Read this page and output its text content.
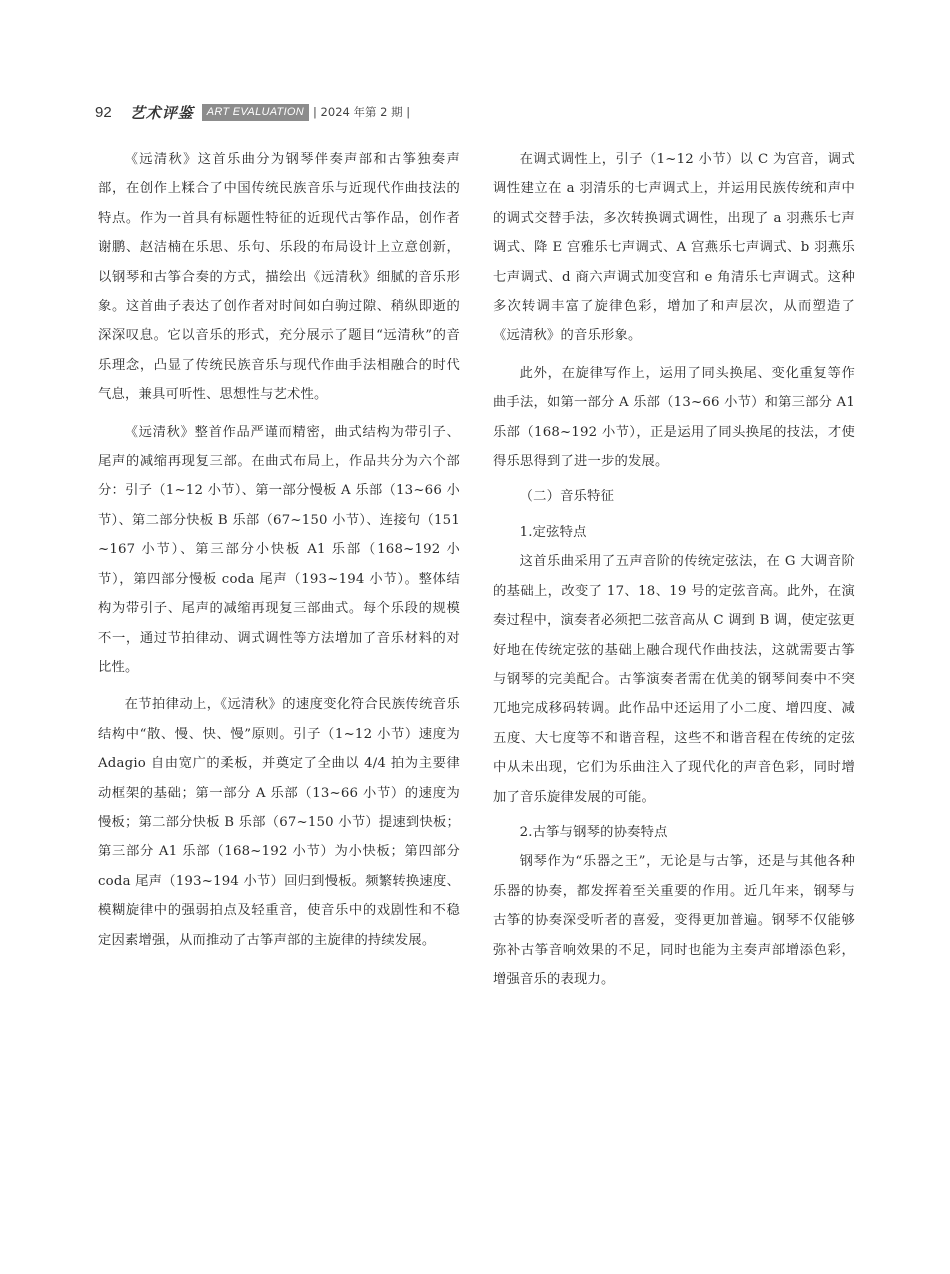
92 艺术评鉴	ART EVALUATION | 2024 年第 2 期 |

《远清秋》这首乐曲分为钢琴伴奏声部和古筝独奏声部，在创作上糅合了中国传统民族音乐与近现代作曲技法的特点。作为一首具有标题性特征的近现代古筝作品，创作者谢鹏、赵洁楠在乐思、乐句、乐段的布局设计上立意创新，以钢琴和古筝合奏的方式，描绘出《远清秋》细腻的音乐形象。这首曲子表达了创作者对时间如白驹过隙、稍纵即逝的深深叹息。它以音乐的形式，充分展示了题目“远清秋”的音乐理念，凸显了传统民族音乐与现代作曲手法相融合的时代气息，兼具可听性、思想性与艺术性。

《远清秋》整首作品严谨而精密，曲式结构为带引子、尾声的减缩再现复三部。在曲式布局上，作品共分为六个部分：引子（1~12 小节）、第一部分慢板 A 乐部（13~66 小节）、第二部分快板 B 乐部（67~150 小节）、连接句（151~167 小节）、第三部分小快板 A1 乐部（168~192 小节），第四部分慢板 coda 尾声（193~194 小节）。整体结构为带引子、尾声的减缩再现复三部曲式。每个乐段的规模不一，通过节拍律动、调式调性等方法增加了音乐材料的对比性。

在节拍律动上，《远清秋》的速度变化符合民族传统音乐结构中“散、慢、快、慢”原则。引子（1~12 小节）速度为 Adagio 自由宽广的柔板，并奠定了全曲以 4/4 拍为主要律动框架的基础；第一部分 A 乐部（13~66 小节）的速度为慢板；第二部分快板 B 乐部（67~150 小节）提速到快板；第三部分 A1 乐部（168~192 小节）为小快板；第四部分 coda 尾声（193~194 小节）回归到慢板。频繁转换速度、模糊旋律中的强弱拍点及轻重音，使音乐中的戏剧性和不稳定因素增强，从而推动了古筝声部的主旋律的持续发展。

在调式调性上，引子（1~12 小节）以 C 为宫音，调式调性建立在 a 羽清乐的七声调式上，并运用民族传统和声中的调式交替手法，多次转换调式调性，出现了 a 羽燕乐七声调式、降 E 宫雅乐七声调式、A 宫燕乐七声调式、b 羽燕乐七声调式、d 商六声调式加变宫和 e 角清乐七声调式。这种多次转调丰富了旋律色彩，增加了和声层次，从而塑造了《远清秋》的音乐形象。

此外，在旋律写作上，运用了同头换尾、变化重复等作曲手法，如第一部分 A 乐部（13~66 小节）和第三部分 A1 乐部（168~192 小节），正是运用了同头换尾的技法，才使得乐思得到了进一步的发展。

（二）音乐特征

1.定弦特点

这首乐曲采用了五声音阶的传统定弦法，在 G 大调音阶的基础上，改变了 17、18、19 号的定弦音高。此外，在演奏过程中，演奏者必须把二弦音高从 C 调到 B 调，使定弦更好地在传统定弦的基础上融合现代作曲技法，这就需要古筝与钢琴的完美配合。古筝演奏者需在优美的钢琴间奏中不突兀地完成移码转调。此作品中还运用了小二度、增四度、减五度、大七度等不和谐音程，这些不和谐音程在传统的定弦中从未出现，它们为乐曲注入了现代化的声音色彩，同时增加了音乐旋律发展的可能。

2.古筝与钢琴的协奏特点

钢琴作为“乐器之王”，无论是与古筝，还是与其他各种乐器的协奏，都发挥着至关重要的作用。近几年来，钢琴与古筝的协奏深受听者的喜爱，变得更加普遍。钢琴不仅能够弥补古筝音响效果的不足，同时也能为主奏声部增添色彩，增强音乐的表现力。
